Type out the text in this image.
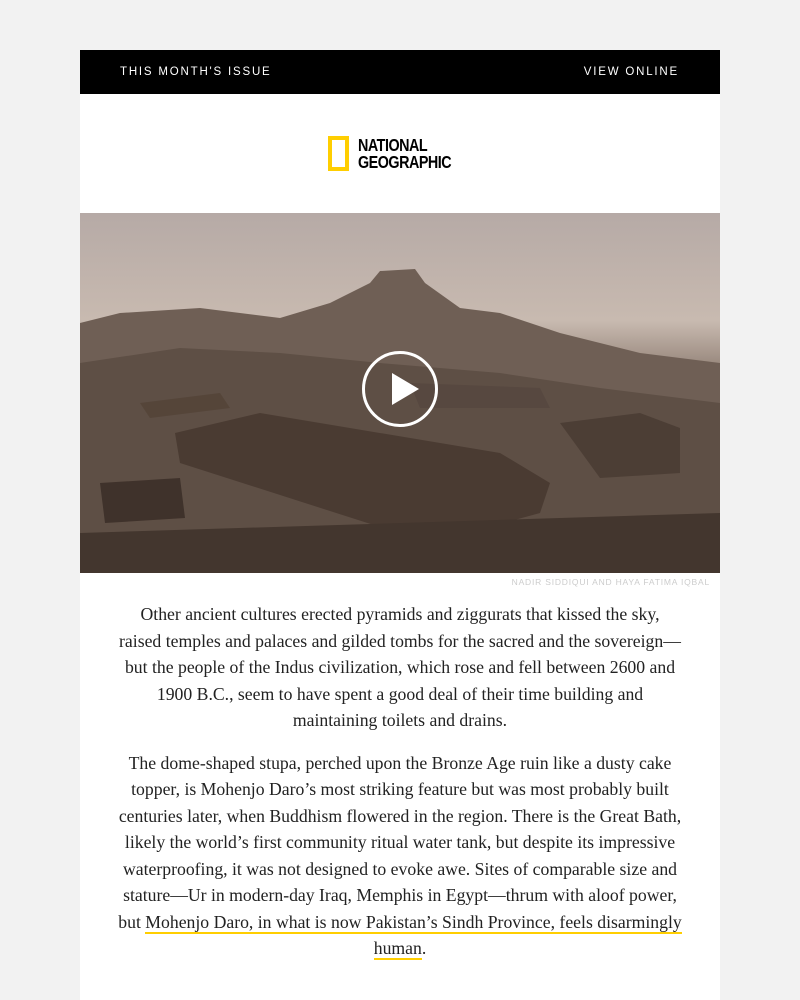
THIS MONTH'S ISSUE	VIEW ONLINE
NATIONAL
GEOGRAPHIC
NADIR SIDDIQUI AND HAYA FATIMA IQBAL

Other ancient cultures erected pyramids and ziggurats that kissed the sky, raised temples and palaces and gilded tombs for the sacred and the sovereign—but the people of the Indus civilization, which rose and fell between 2600 and 1900 B.C., seem to have spent a good deal of their time building and maintaining toilets and drains.

The dome-shaped stupa, perched upon the Bronze Age ruin like a dusty cake topper, is Mohenjo Daro’s most striking feature but was most probably built centuries later, when Buddhism flowered in the region. There is the Great Bath, likely the world’s first community ritual water tank, but despite its impressive waterproofing, it was not designed to evoke awe. Sites of comparable size and stature—Ur in modern-day Iraq, Memphis in Egypt—thrum with aloof power, but Mohenjo Daro, in what is now Pakistan’s Sindh Province, feels disarmingly human.
